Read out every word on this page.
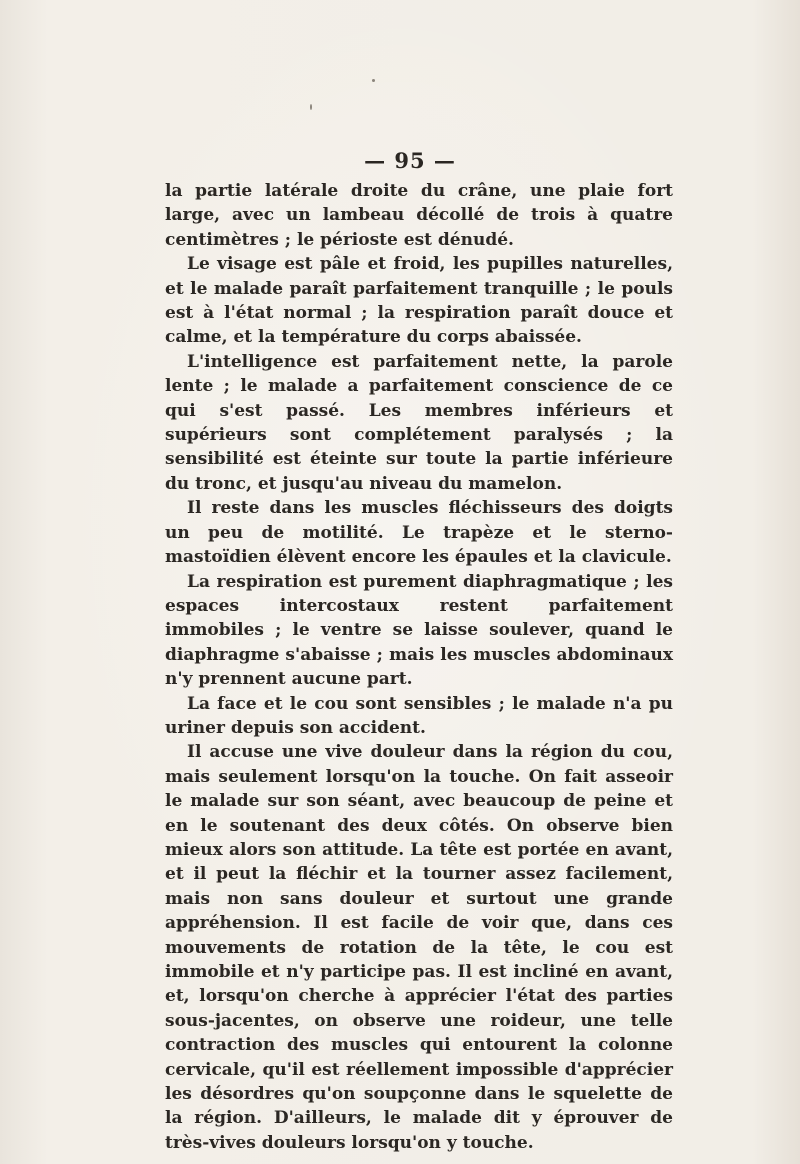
— 95 —

la partie latérale droite du crâne, une plaie fort large, avec un lambeau décollé de trois à quatre centimètres ; le périoste est dénudé.

Le visage est pâle et froid, les pupilles naturelles, et le malade paraît parfaitement tranquille ; le pouls est à l'état normal ; la respiration paraît douce et calme, et la température du corps abaissée.

L'intelligence est parfaitement nette, la parole lente ; le malade a parfaitement conscience de ce qui s'est passé. Les membres inférieurs et supérieurs sont complétement paralysés ; la sensibilité est éteinte sur toute la partie inférieure du tronc, et jusqu'au niveau du mamelon.

Il reste dans les muscles fléchisseurs des doigts un peu de motilité. Le trapèze et le sterno-mastoïdien élèvent encore les épaules et la clavicule.

La respiration est purement diaphragmatique ; les espaces intercostaux restent parfaitement immobiles ; le ventre se laisse soulever, quand le diaphragme s'abaisse ; mais les muscles abdominaux n'y prennent aucune part.

La face et le cou sont sensibles ; le malade n'a pu uriner depuis son accident.

Il accuse une vive douleur dans la région du cou, mais seulement lorsqu'on la touche. On fait asseoir le malade sur son séant, avec beaucoup de peine et en le soutenant des deux côtés. On observe bien mieux alors son attitude. La tête est portée en avant, et il peut la fléchir et la tourner assez facilement, mais non sans douleur et surtout une grande appréhension. Il est facile de voir que, dans ces mouvements de rotation de la tête, le cou est immobile et n'y participe pas. Il est incliné en avant, et, lorsqu'on cherche à apprécier l'état des parties sous-jacentes, on observe une roideur, une telle contraction des muscles qui entourent la colonne cervicale, qu'il est réellement impossible d'apprécier les désordres qu'on soupçonne dans le squelette de la région. D'ailleurs, le malade dit y éprouver de très-vives douleurs lorsqu'on y touche.
